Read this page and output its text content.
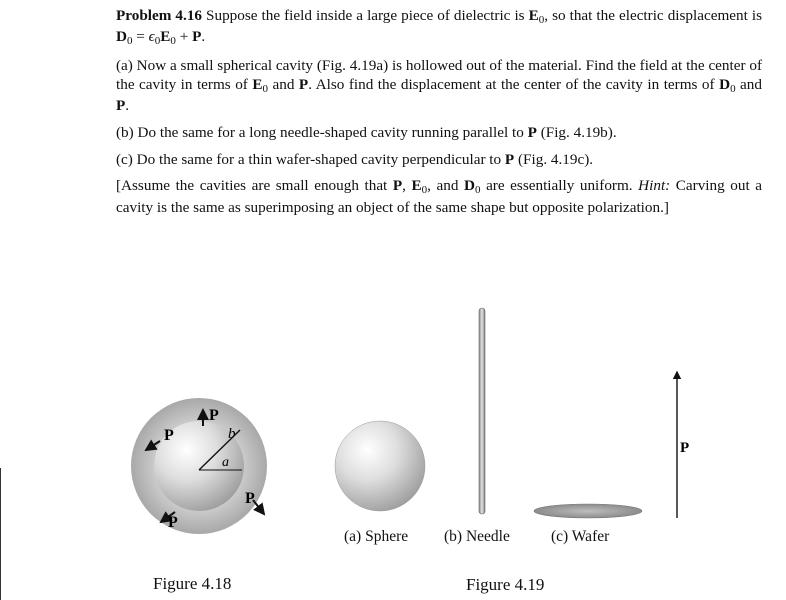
Problem 4.16 Suppose the field inside a large piece of dielectric is E0, so that the electric displacement is D0 = ϵ0E0 + P.

(a) Now a small spherical cavity (Fig. 4.19a) is hollowed out of the material. Find the field at the center of the cavity in terms of E0 and P. Also find the displacement at the center of the cavity in terms of D0 and P.

(b) Do the same for a long needle-shaped cavity running parallel to P (Fig. 4.19b).

(c) Do the same for a thin wafer-shaped cavity perpendicular to P (Fig. 4.19c).

[Assume the cavities are small enough that P, E0, and D0 are essentially uniform. Hint: Carving out a cavity is the same as superimposing an object of the same shape but opposite polarization.]

P
P
b
a
P
P
P
(a) Sphere (b) Needle	(c) Wafer
Figure 4.18	Figure 4.19
